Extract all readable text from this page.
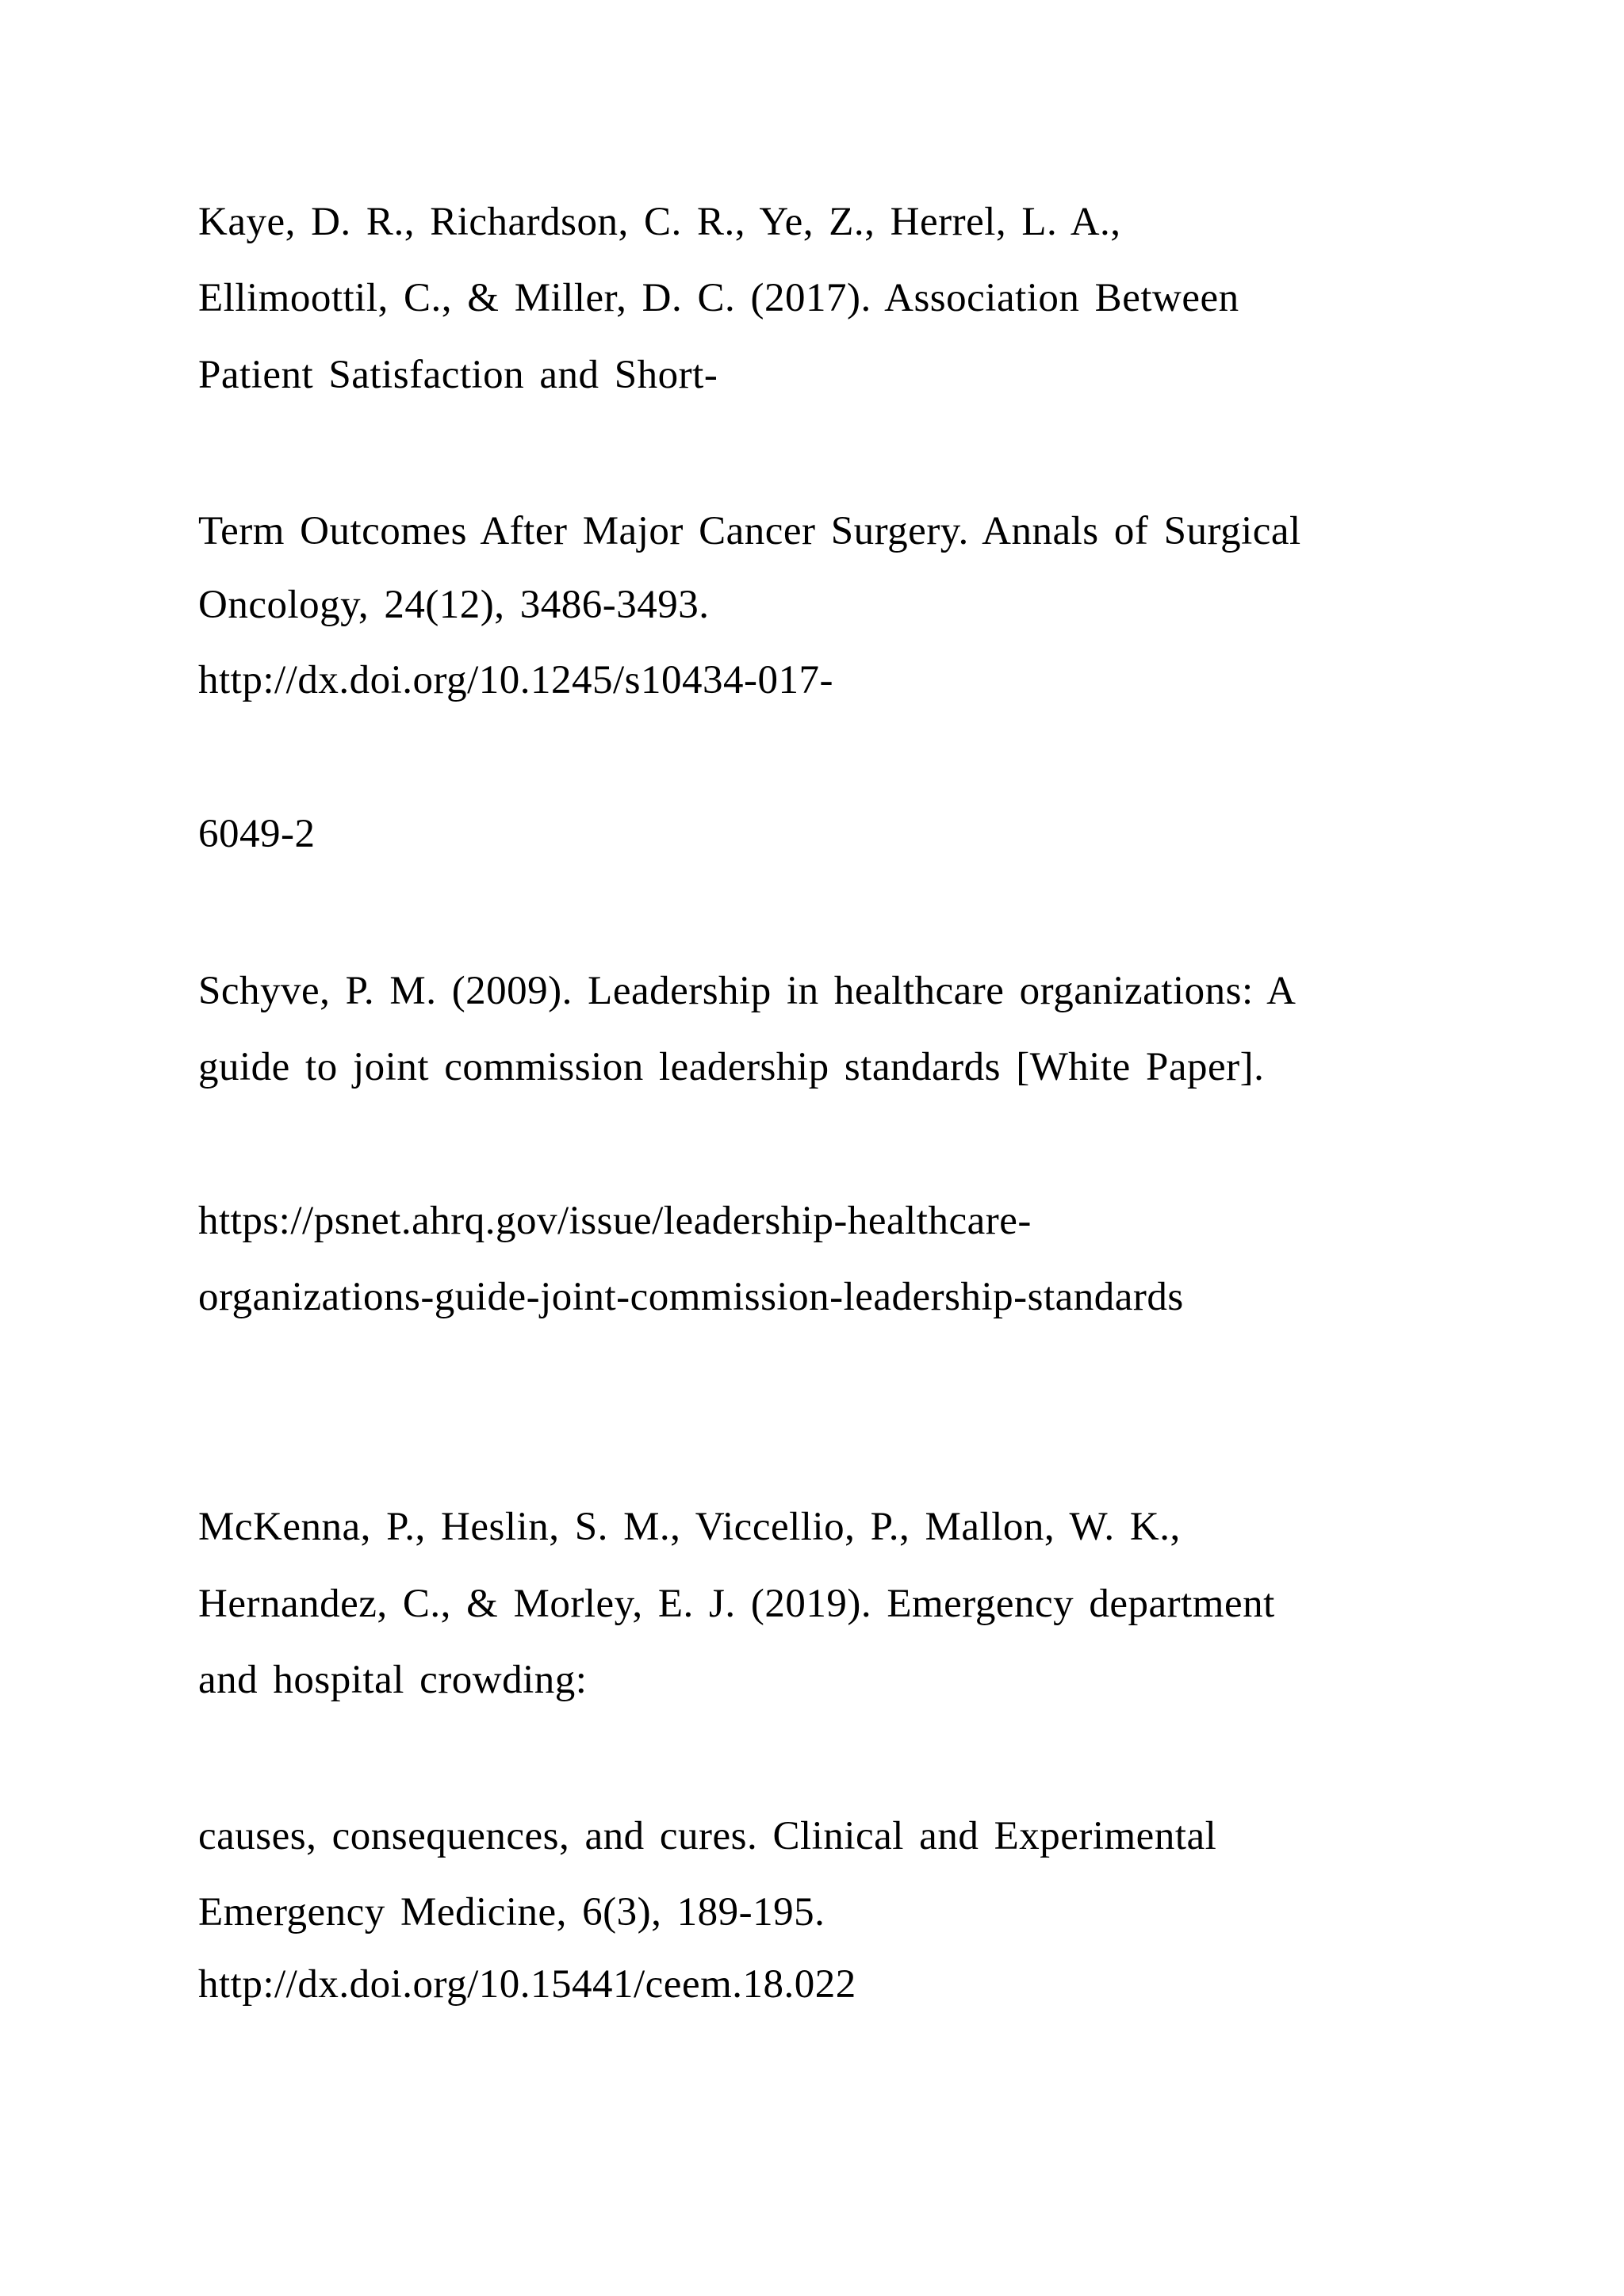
Kaye, D. R., Richardson, C. R., Ye, Z., Herrel, L. A.,
Ellimoottil, C., & Miller, D. C. (2017). Association Between
Patient Satisfaction and Short-
Term Outcomes After Major Cancer Surgery. Annals of Surgical
Oncology, 24(12), 3486-3493.
http://dx.doi.org/10.1245/s10434-017-
6049-2
Schyve, P. M. (2009). Leadership in healthcare organizations: A
guide to joint commission leadership standards [White Paper].
https://psnet.ahrq.gov/issue/leadership-healthcare-
organizations-guide-joint-commission-leadership-standards
McKenna, P., Heslin, S. M., Viccellio, P., Mallon, W. K.,
Hernandez, C., & Morley, E. J. (2019). Emergency department
and hospital crowding:
causes, consequences, and cures. Clinical and Experimental
Emergency Medicine, 6(3), 189-195.
http://dx.doi.org/10.15441/ceem.18.022
